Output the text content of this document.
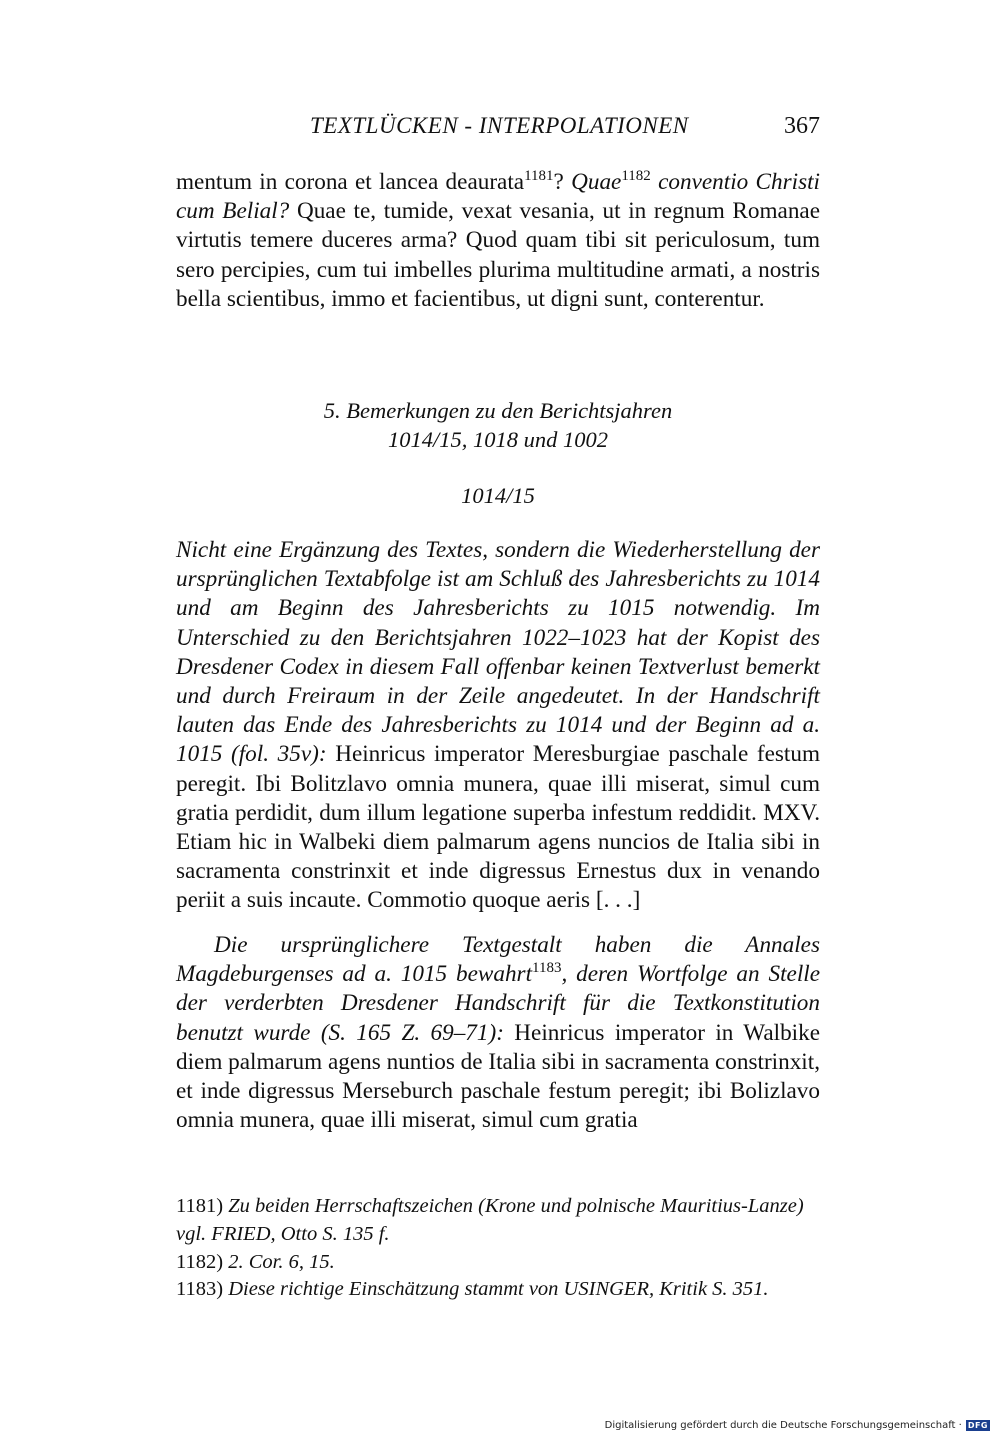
TEXTLÜCKEN - INTERPOLATIONEN	367
mentum in corona et lancea deaurata$^{1181}$? Quae$^{1182}$ conventio Christi cum Belial? Quae te, tumide, vexat vesania, ut in regnum Romanae virtutis temere duceres arma? Quod quam tibi sit periculosum, tum sero percipies, cum tui imbelles plurima multitudine armati, a nostris bella scientibus, immo et facientibus, ut digni sunt, conterentur.
5. Bemerkungen zu den Berichtsjahren
1014/15, 1018 und 1002
1014/15
Nicht eine Ergänzung des Textes, sondern die Wiederherstellung der ursprünglichen Textabfolge ist am Schluß des Jahresberichts zu 1014 und am Beginn des Jahresberichts zu 1015 notwendig. Im Unterschied zu den Berichtsjahren 1022–1023 hat der Kopist des Dresdener Codex in diesem Fall offenbar keinen Textverlust bemerkt und durch Freiraum in der Zeile angedeutet. In der Handschrift lauten das Ende des Jahresberichts zu 1014 und der Beginn ad a. 1015 (fol. 35v): Heinricus imperator Meresburgiae paschale festum peregit. Ibi Bolitzlavo omnia munera, quae illi miserat, simul cum gratia perdidit, dum illum legatione superba infestum reddidit. MXV. Etiam hic in Walbeki diem palmarum agens nuncios de Italia sibi in sacramenta constrinxit et inde digressus Ernestus dux in venando periit a suis incaute. Commotio quoque aeris [. . .]
Die ursprünglichere Textgestalt haben die Annales Magdeburgenses ad a. 1015 bewahrt$^{1183}$, deren Wortfolge an Stelle der verderbten Dresdener Handschrift für die Textkonstitution benutzt wurde (S. 165 Z. 69–71): Heinricus imperator in Walbike diem palmarum agens nuntios de Italia sibi in sacramenta constrinxit, et inde digressus Merseburch paschale festum peregit; ibi Bolizlavo omnia munera, quae illi miserat, simul cum gratia

1181) Zu beiden Herrschaftszeichen (Krone und polnische Mauritius-Lanze) vgl. FRIED, Otto S. 135 f.

1182) 2. Cor. 6, 15.

1183) Diese richtige Einschätzung stammt von USINGER, Kritik S. 351.

Digitalisierung gefördert durch die Deutsche Forschungsgemeinschaft · DFG
